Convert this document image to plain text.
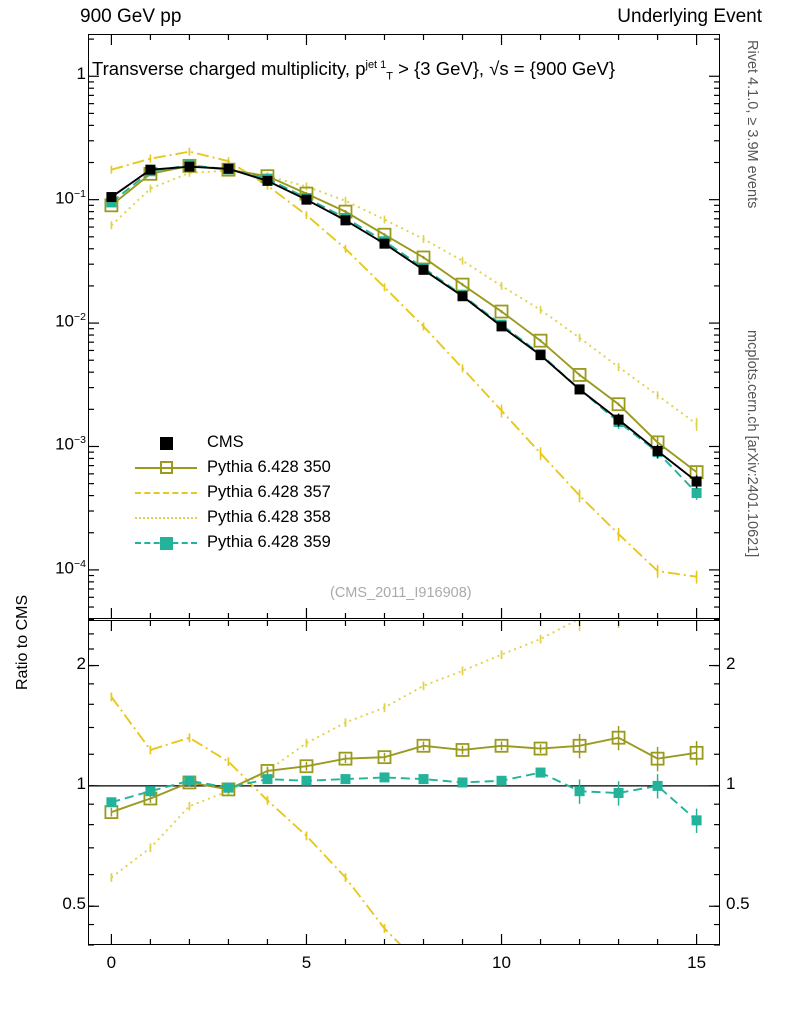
900 GeV pp	Underlying Event
Transverse charged multiplicity, $p^{jet 1}_T > \{3$ GeV}, √s = {900 GeV}	Rivet 4.1.0, ≥ 3.9M events
mcplots.cern.ch [arXiv:2401.10621]
Ratio to CMS
(CMS_2011_I916908)
CMS
Pythia 6.428 350
Pythia 6.428 357
Pythia 6.428 358
Pythia 6.428 359
1
$10^{-1}$
$10^{-2}$
$10^{-3}$
$10^{-4}$
2
1
0.5
2
1
0.5
0	5	10	15
